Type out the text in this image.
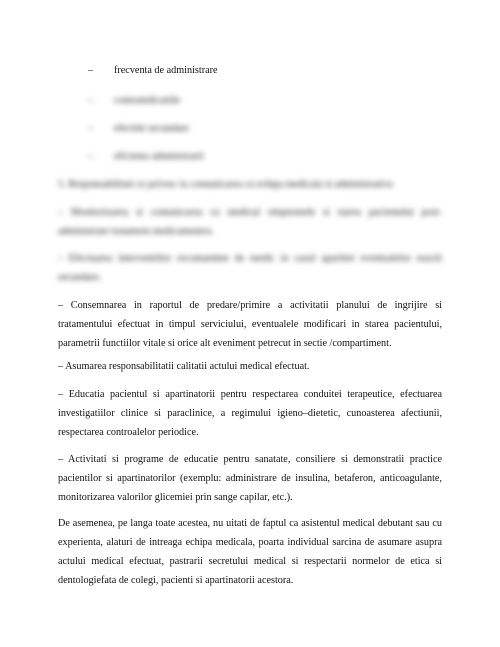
– frecventa de administrare
– contraindicatiile
– efectele secundare
– eficienta administrarii
5. Responsabilitati ce privesc la comunicarea cu echipa medicala si administrativa
– Monitorizarea si comunicarea cu medicul simptomele si starea pacientului post- administrare tratament medicamentos.
– Efectuarea interventiilor recomandate de medic in cazul aparitiei eventualelor reactii secundare.
– Consemnarea in raportul de predare/primire a activitatii planului de ingrijire si tratamentului efectuat in timpul serviciului, eventualele modificari in starea pacientului, parametrii functiilor vitale si orice alt eveniment petrecut in sectie /compartiment.
– Asumarea responsabilitatii calitatii actului medical efectuat.
– Educatia pacientul si apartinatorii pentru respectarea conduitei terapeutice, efectuarea investigatiilor clinice si paraclinice, a regimului igieno–dietetic, cunoasterea afectiunii, respectarea controalelor periodice.
– Activitati si programe de educatie pentru sanatate, consiliere si demonstratii practice pacientilor si apartinatorilor (exemplu: administrare de insulina, betaferon, anticoagulante, monitorizarea valorilor glicemiei prin sange capilar, etc.).
De asemenea, pe langa toate acestea, nu uitati de faptul ca asistentul medical debutant sau cu experienta, alaturi de intreaga echipa medicala, poarta individual sarcina de asumare asupra actului medical efectuat, pastrarii secretului medical si respectarii normelor de etica si dentologiefata de colegi, pacienti si apartinatorii acestora.
